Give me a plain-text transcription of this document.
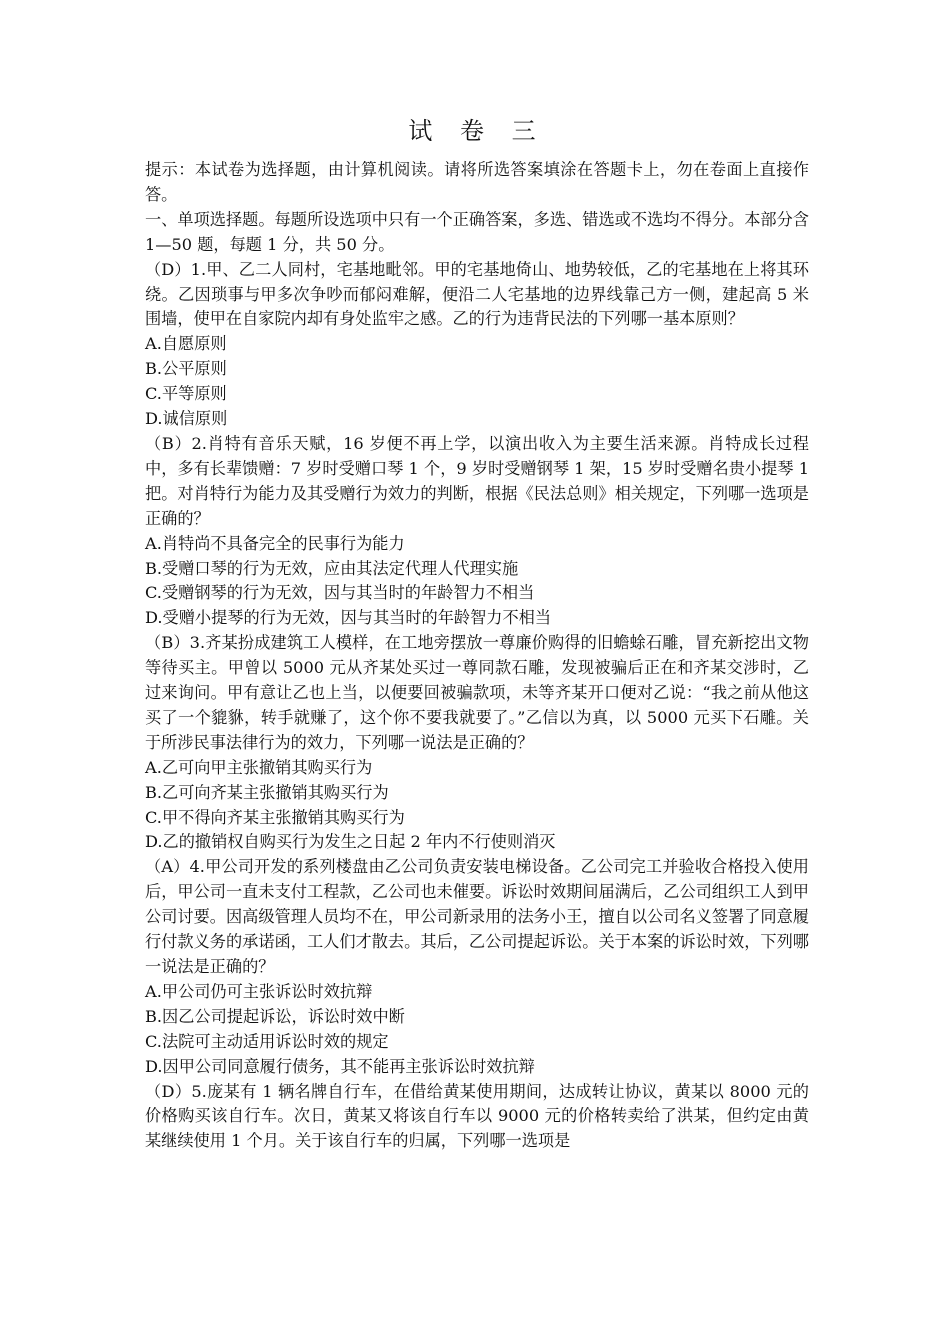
试 卷 三

提示：本试卷为选择题，由计算机阅读。请将所选答案填涂在答题卡上，勿在卷面上直接作答。

一、单项选择题。每题所设选项中只有一个正确答案，多选、错选或不选均不得分。本部分含 1—50 题，每题 1 分，共 50 分。

（D）1.甲、乙二人同村，宅基地毗邻。甲的宅基地倚山、地势较低，乙的宅基地在上将其环绕。乙因琐事与甲多次争吵而郁闷难解，便沿二人宅基地的边界线靠己方一侧，建起高 5 米围墙，使甲在自家院内却有身处监牢之感。乙的行为违背民法的下列哪一基本原则？

A.自愿原则
B.公平原则
C.平等原则
D.诚信原则

（B）2.肖特有音乐天赋，16 岁便不再上学，以演出收入为主要生活来源。肖特成长过程中，多有长辈馈赠：7 岁时受赠口琴 1 个，9 岁时受赠钢琴 1 架，15 岁时受赠名贵小提琴 1 把。对肖特行为能力及其受赠行为效力的判断，根据《民法总则》相关规定，下列哪一选项是正确的？

A.肖特尚不具备完全的民事行为能力
B.受赠口琴的行为无效，应由其法定代理人代理实施
C.受赠钢琴的行为无效，因与其当时的年龄智力不相当
D.受赠小提琴的行为无效，因与其当时的年龄智力不相当

（B）3.齐某扮成建筑工人模样，在工地旁摆放一尊廉价购得的旧蟾蜍石雕，冒充新挖出文物等待买主。甲曾以 5000 元从齐某处买过一尊同款石雕，发现被骗后正在和齐某交涉时，乙过来询问。甲有意让乙也上当，以便要回被骗款项，未等齐某开口便对乙说：“我之前从他这买了一个貔貅，转手就赚了，这个你不要我就要了。”乙信以为真，以 5000 元买下石雕。关于所涉民事法律行为的效力，下列哪一说法是正确的？

A.乙可向甲主张撤销其购买行为
B.乙可向齐某主张撤销其购买行为
C.甲不得向齐某主张撤销其购买行为
D.乙的撤销权自购买行为发生之日起 2 年内不行使则消灭

（A）4.甲公司开发的系列楼盘由乙公司负责安装电梯设备。乙公司完工并验收合格投入使用后，甲公司一直未支付工程款，乙公司也未催要。诉讼时效期间届满后，乙公司组织工人到甲公司讨要。因高级管理人员均不在，甲公司新录用的法务小王，擅自以公司名义签署了同意履行付款义务的承诺函，工人们才散去。其后，乙公司提起诉讼。关于本案的诉讼时效，下列哪一说法是正确的？

A.甲公司仍可主张诉讼时效抗辩
B.因乙公司提起诉讼，诉讼时效中断
C.法院可主动适用诉讼时效的规定
D.因甲公司同意履行债务，其不能再主张诉讼时效抗辩

（D）5.庞某有 1 辆名牌自行车，在借给黄某使用期间，达成转让协议，黄某以 8000 元的价格购买该自行车。次日，黄某又将该自行车以 9000 元的价格转卖给了洪某，但约定由黄某继续使用 1 个月。关于该自行车的归属，下列哪一选项是
